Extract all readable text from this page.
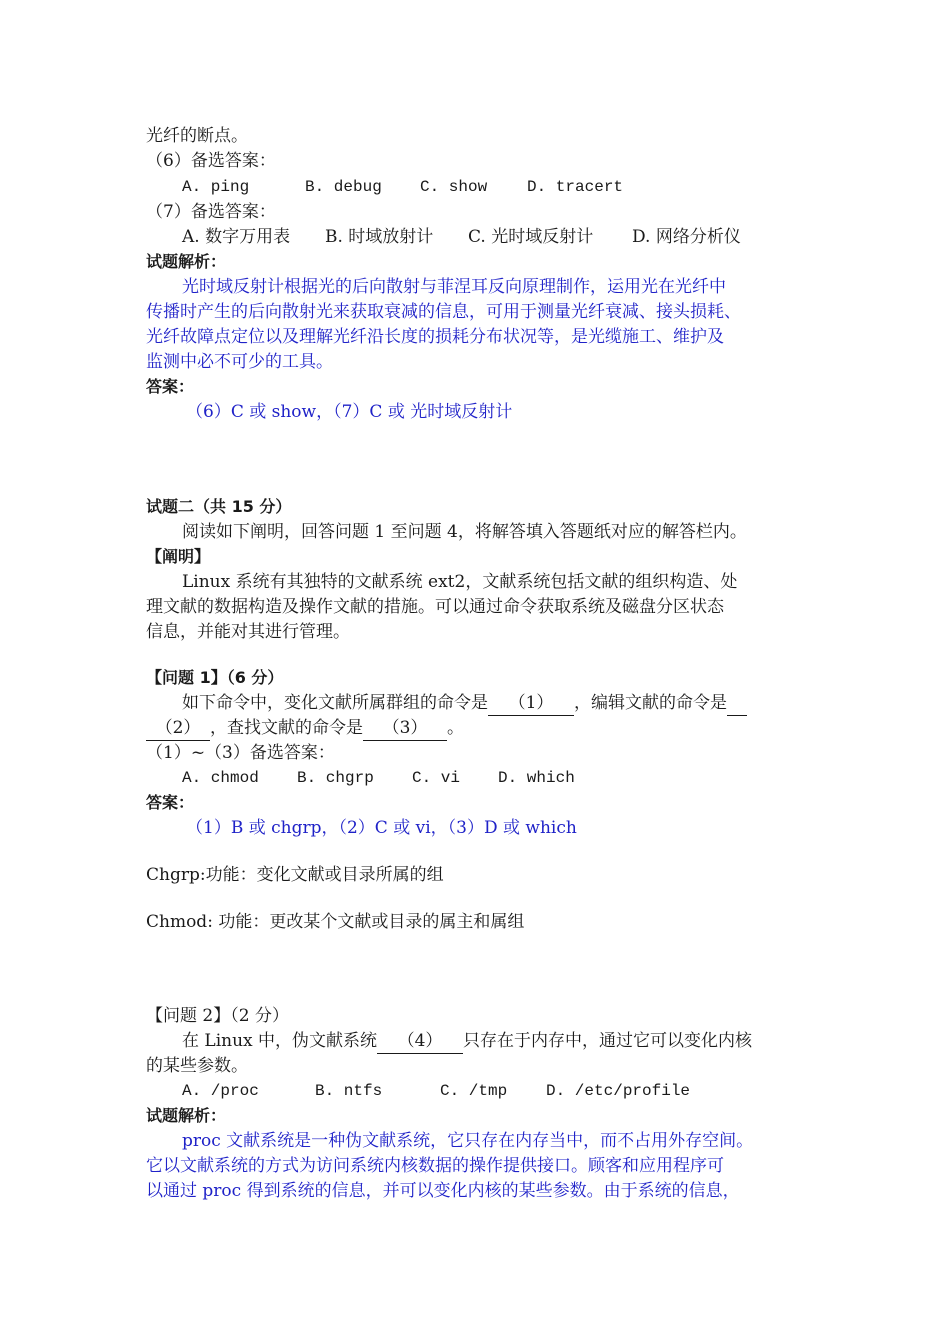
光纤的断点。
（6）备选答案：
A. ping	B. debug C. show D. tracert
（7）备选答案：
A. 数字万用表 B. 时域放射计 C. 光时域反射计 D. 网络分析仪
试题解析：
光时域反射计根据光的后向散射与菲涅耳反向原理制作，运用光在光纤中
传播时产生的后向散射光来获取衰减的信息，可用于测量光纤衰减、接头损耗、
光纤故障点定位以及理解光纤沿长度的损耗分布状况等，是光缆施工、维护及
监测中必不可少的工具。
答案：
（6）C 或 show，（7）C 或 光时域反射计
试题二（共 15 分）
阅读如下阐明，回答问题 1 至问题 4，将解答填入答题纸对应的解答栏内。
【阐明】
Linux 系统有其独特的文献系统 ext2，文献系统包括文献的组织构造、处
理文献的数据构造及操作文献的措施。可以通过命令获取系统及磁盘分区状态
信息，并能对其进行管理。
【问题 1】（6 分）
如下命令中，变化文献所属群组的命令是 （1） ，编辑文献的命令是
（2） ，查找文献的命令是 （3） 。
（1）~（3）备选答案：
A. chmod B. chgrp C. vi D. which
答案：
（1）B 或 chgrp，（2）C 或 vi，（3）D 或 which
Chgrp:功能：变化文献或目录所属的组
Chmod: 功能：更改某个文献或目录的属主和属组
【问题 2】（2 分）
在 Linux 中，伪文献系统 （4） 只存在于内存中，通过它可以变化内核
的某些参数。
A. /proc	B. ntfs	C. /tmp D. /etc/profile
试题解析：
proc 文献系统是一种伪文献系统，它只存在内存当中，而不占用外存空间。
它以文献系统的方式为访问系统内核数据的操作提供接口。顾客和应用程序可
以通过 proc 得到系统的信息，并可以变化内核的某些参数。由于系统的信息，
